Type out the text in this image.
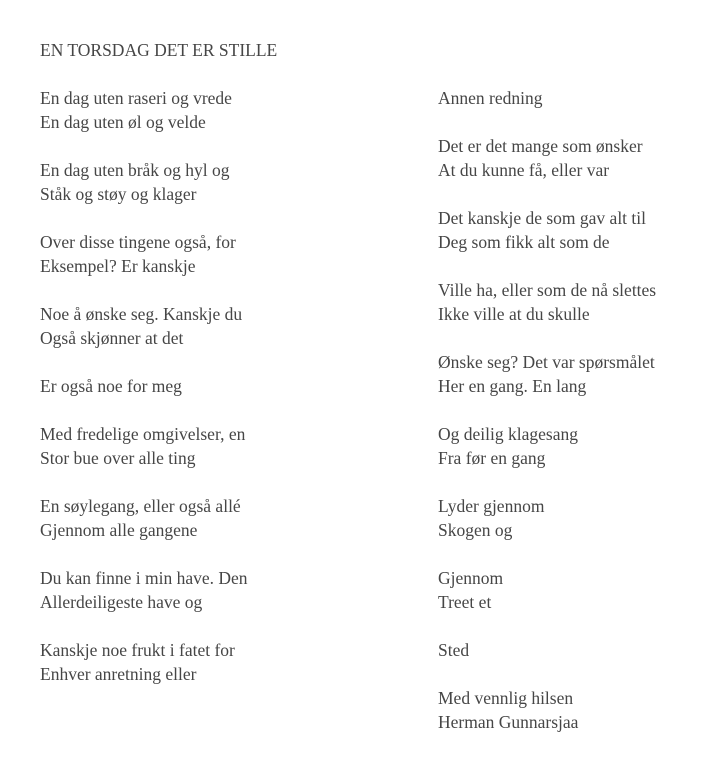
EN TORSDAG DET ER STILLE
En dag uten raseri og vrede
En dag uten øl og velde
En dag uten bråk og hyl og
Ståk og støy og klager
Over disse tingene også, for
Eksempel? Er kanskje
Noe å ønske seg. Kanskje du
Også skjønner at det
Er også noe for meg
Med fredelige omgivelser, en
Stor bue over alle ting
En søylegang, eller også allé
Gjennom alle gangene
Du kan finne i min have. Den
Allerdeiligeste have og
Kanskje noe frukt i fatet for
Enhver anretning eller
Annen redning
Det er det mange som ønsker
At du kunne få, eller var
Det kanskje de som gav alt til
Deg som fikk alt som de
Ville ha, eller som de nå slettes
Ikke ville at du skulle
Ønske seg? Det var spørsmålet
Her en gang. En lang
Og deilig klagesang
Fra før en gang
Lyder gjennom
Skogen og
Gjennom
Treet et
Sted
Med vennlig hilsen
Herman Gunnarsjaa
